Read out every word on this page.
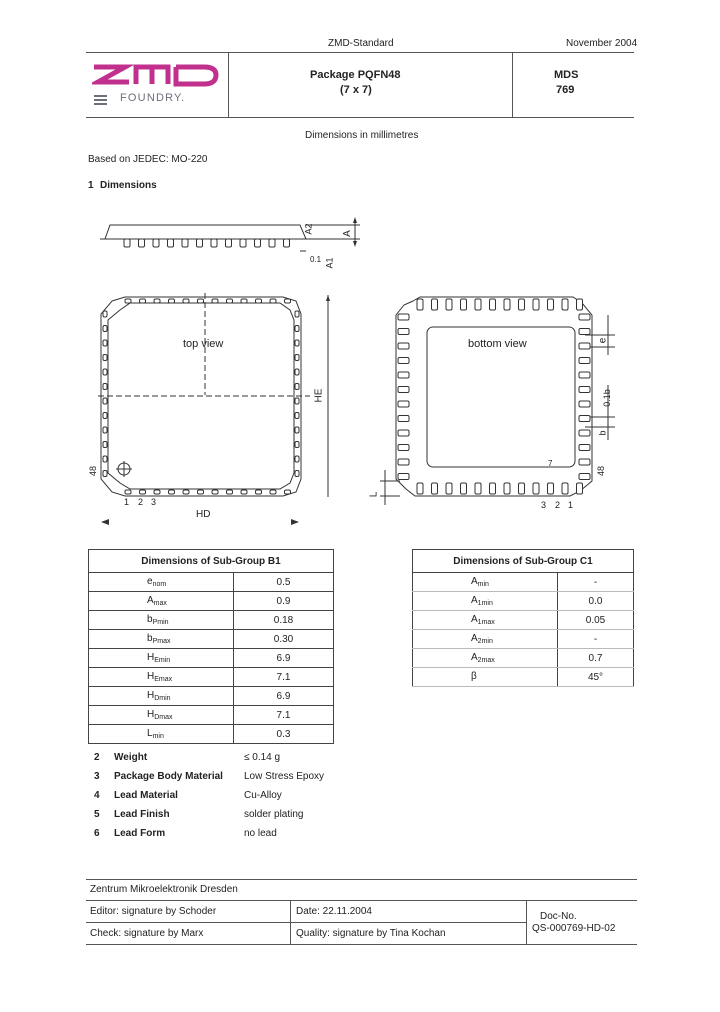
ZMD-Standard	November 2004
FOUNDRY.
Package PQFN48
(7 x 7)
MDS
769
Dimensions in millimetres
Based on JEDEC: MO-220
1 Dimensions
A2	A
0.1 A1
HE
HD
48
1 2 3
top view	bottom view	e
0.1b
b
48
L
7
3 2 1
Dimensions of Sub-Group B1	
$e_{nom}$	0.5
$A_{max}$	0.9
$b_{Pmin}$	0.18
$b_{Pmax}$	0.30
$H_{Emin}$	6.9
$H_{Emax}$	7.1
$H_{Dmin}$	6.9
$H_{Dmax}$	7.1
$L_{min}$	0.3
Dimensions of Sub-Group C1	
$A_{min}$	-
$A_{1min}$	0.0
$A_{1max}$	0.05
$A_{2min}$	-
$A_{2max}$	0.7
β	45°
2	Weight	≤ 0.14 g
3	Package Body Material	Low Stress Epoxy
4	Lead Material	Cu-Alloy
5	Lead Finish	solder plating
6	Lead Form	no lead
Zentrum Mikroelektronik Dresden
Editor: signature by Schoder	Date: 22.11.2004
Check: signature by Marx	Quality: signature by Tina Kochan
Doc-No.
QS-000769-HD-02
